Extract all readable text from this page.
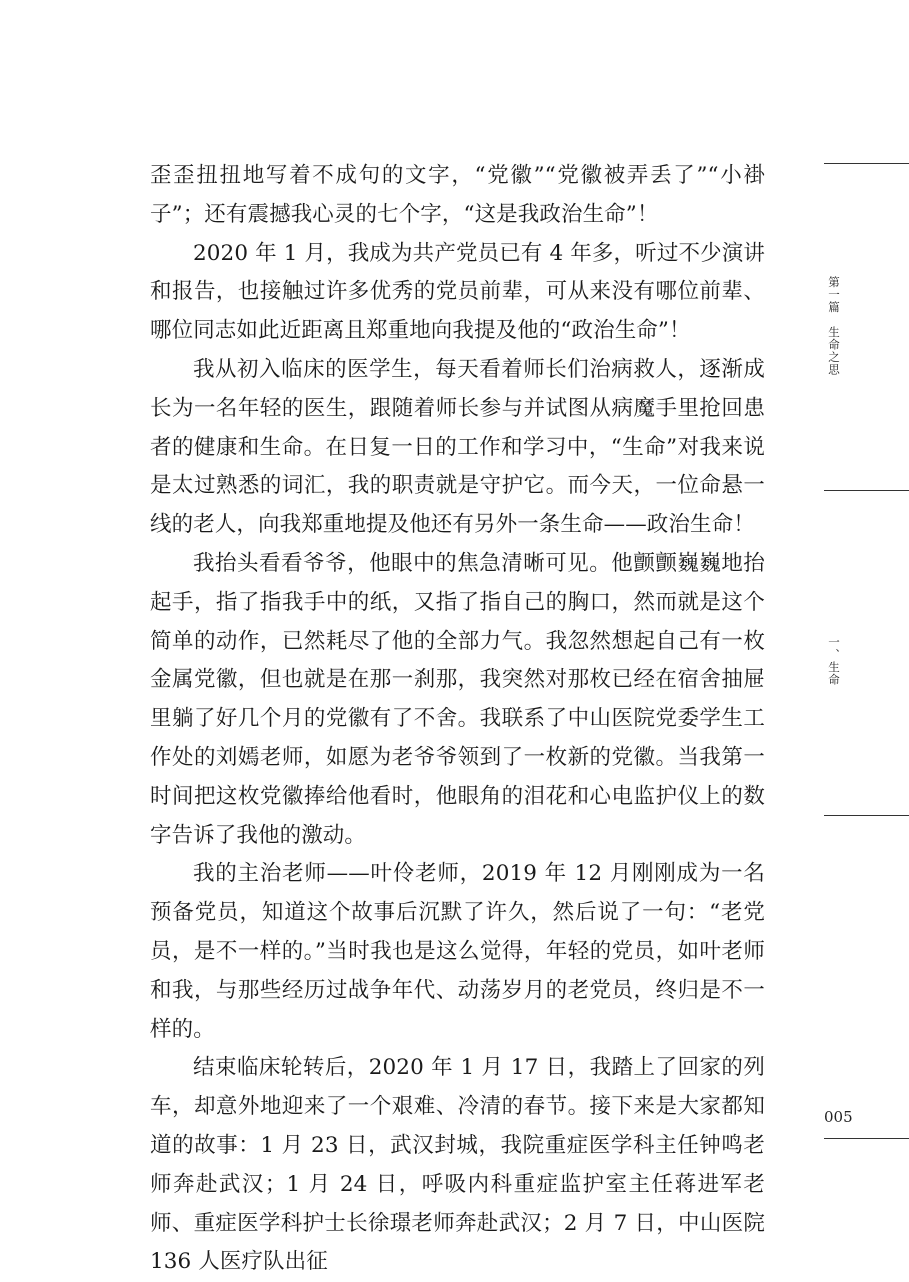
歪歪扭扭地写着不成句的文字，“党徽”“党徽被弄丢了”“小褂子”；还有震撼我心灵的七个字，“这是我政治生命”！

2020 年 1 月，我成为共产党员已有 4 年多，听过不少演讲和报告，也接触过许多优秀的党员前辈，可从来没有哪位前辈、哪位同志如此近距离且郑重地向我提及他的“政治生命”！

我从初入临床的医学生，每天看着师长们治病救人，逐渐成长为一名年轻的医生，跟随着师长参与并试图从病魔手里抢回患者的健康和生命。在日复一日的工作和学习中，“生命”对我来说是太过熟悉的词汇，我的职责就是守护它。而今天，一位命悬一线的老人，向我郑重地提及他还有另外一条生命——政治生命！

我抬头看看爷爷，他眼中的焦急清晰可见。他颤颤巍巍地抬起手，指了指我手中的纸，又指了指自己的胸口，然而就是这个简单的动作，已然耗尽了他的全部力气。我忽然想起自己有一枚金属党徽，但也就是在那一刹那，我突然对那枚已经在宿舍抽屉里躺了好几个月的党徽有了不舍。我联系了中山医院党委学生工作处的刘嫣老师，如愿为老爷爷领到了一枚新的党徽。当我第一时间把这枚党徽捧给他看时，他眼角的泪花和心电监护仪上的数字告诉了我他的激动。

我的主治老师——叶伶老师，2019 年 12 月刚刚成为一名预备党员，知道这个故事后沉默了许久，然后说了一句：“老党员，是不一样的。”当时我也是这么觉得，年轻的党员，如叶老师和我，与那些经历过战争年代、动荡岁月的老党员，终归是不一样的。

结束临床轮转后，2020 年 1 月 17 日，我踏上了回家的列车，却意外地迎来了一个艰难、冷清的春节。接下来是大家都知道的故事：1 月 23 日，武汉封城，我院重症医学科主任钟鸣老师奔赴武汉；1 月 24 日，呼吸内科重症监护室主任蒋进军老师、重症医学科护士长徐璟老师奔赴武汉；2 月 7 日，中山医院 136 人医疗队出征

第一篇　生命之思
一、生命
005
